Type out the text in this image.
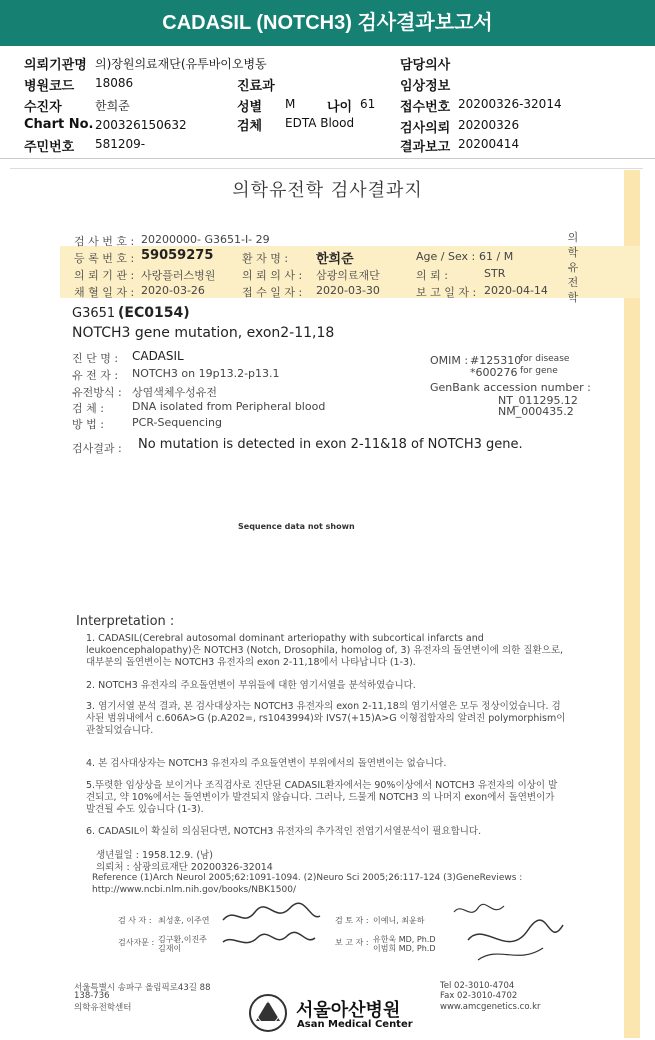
CADASIL (NOTCH3) 검사결과보고서
의뢰기관명 의)장원의료재단(유투바이오병동
병원코드 18086
수진자	한희준
Chart No. 200326150632
주민번호 581209-
진료과
성별 M 나이 61
검체 EDTA Blood
담당의사
임상정보
접수번호 20200326-32014
검사의뢰 20200326
결과보고 20200414
의학유전학 검사결과지
의학유전학
검 사 번 호 : 20200000- G3651-I- 29
등 록 번 호 : 59059275	환 자 명 : 한희준	Age / Sex : 61 / M
의 뢰 기 관 : 사랑플러스병원 의 뢰 의 사 : 삼광의료재단	의 뢰 :	STR
채 혈 일 자 : 2020-03-26	접 수 일 자 : 2020-03-30	보 고 일 자 : 2020-04-14
G3651 (EC0154)
NOTCH3 gene mutation, exon2-11,18
진 단 명 : CADASIL
유 전 자 : NOTCH3 on 19p13.2-p13.1
유전방식 : 상염색체우성유전
검 체 :	DNA isolated from Peripheral blood
방 법 :	PCR-Sequencing
OMIM : #125310
for disease
*600276 for gene
GenBank accession number :
NT_011295.12
NM_000435.2
검사결과 : No mutation is detected in exon 2-11&18 of NOTCH3 gene.
Sequence data not shown
Interpretation :
1. CADASIL(Cerebral autosomal dominant arteriopathy with subcortical infarcts and leukoencephalopathy)은 NOTCH3 (Notch, Drosophila, homolog of, 3) 유전자의 돌연변이에 의한 질환으로, 대부분의 돌연변이는 NOTCH3 유전자의 exon 2-11,18에서 나타납니다 (1-3).
2. NOTCH3 유전자의 주요돌연변이 부위들에 대한 염기서열을 분석하였습니다.
3. 염기서열 분석 결과, 본 검사대상자는 NOTCH3 유전자의 exon 2-11,18의 염기서열은 모두 정상이었습니다. 검사된 범위내에서 c.606A>G (p.A202=, rs1043994)와 IVS7(+15)A>G 이형접합자의 알려진 polymorphism이 관찰되었습니다.
4. 본 검사대상자는 NOTCH3 유전자의 주요돌연변이 부위에서의 돌연변이는 없습니다.
5.뚜렷한 임상상을 보이거나 조직검사로 진단된 CADASIL환자에서는 90%이상에서 NOTCH3 유전자의 이상이 발견되고, 약 10%에서는 돌연변이가 발견되지 않습니다. 그러나, 드물게 NOTCH3 의 나머지 exon에서 돌연변이가 발견될 수도 있습니다 (1-3).
6. CADASIL이 확실히 의심된다면, NOTCH3 유전자의 추가적인 전엽기서열분석이 필요합니다.
생년월일 : 1958.12.9. (남)
의뢰처 : 삼광의료재단 20200326-32014
Reference (1)Arch Neurol 2005;62:1091-1094. (2)Neuro Sci 2005;26:117-124 (3)GeneReviews : http://www.ncbi.nlm.nih.gov/books/NBK1500/
검 사 자 : 최성훈, 이주연
검사자문 : 김구환,이진주 김재이
검 토 자 : 이예니, 최윤하
보 고 자 : 유한욱 MD, Ph.D 이범희 MD, Ph.D
서울특별시 송파구 올림픽로43길 88
138-736
의학유전학센터	서울아산병원
Asan Medical Center
Tel 02-3010-4704
Fax 02-3010-4702
www.amcgenetics.co.kr
